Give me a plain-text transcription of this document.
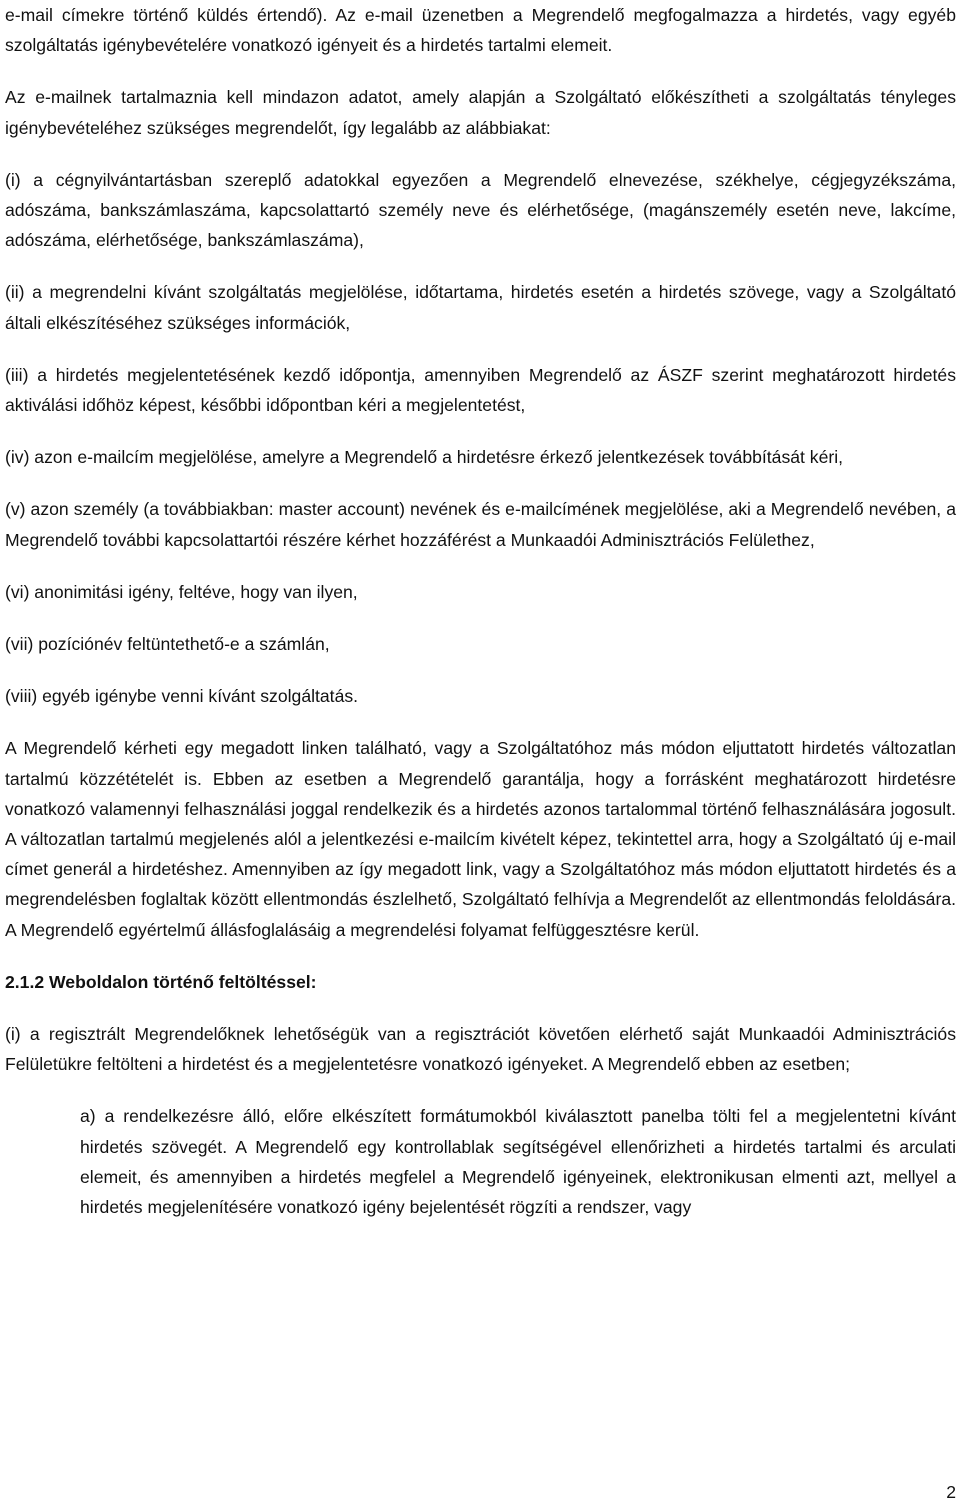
e-mail címekre történő küldés értendő). Az e-mail üzenetben a Megrendelő megfogalmazza a hirdetés, vagy egyéb szolgáltatás igénybevételére vonatkozó igényeit és a hirdetés tartalmi elemeit.

Az e-mailnek tartalmaznia kell mindazon adatot, amely alapján a Szolgáltató előkészítheti a szolgáltatás tényleges igénybevételéhez szükséges megrendelőt, így legalább az alábbiakat:

(i) a cégnyilvántartásban szereplő adatokkal egyezően a Megrendelő elnevezése, székhelye, cégjegyzékszáma, adószáma, bankszámlaszáma, kapcsolattartó személy neve és elérhetősége, (magánszemély esetén neve, lakcíme, adószáma, elérhetősége, bankszámlaszáma),

(ii) a megrendelni kívánt szolgáltatás megjelölése, időtartama, hirdetés esetén a hirdetés szövege, vagy a Szolgáltató általi elkészítéséhez szükséges információk,

(iii) a hirdetés megjelentetésének kezdő időpontja, amennyiben Megrendelő az ÁSZF szerint meghatározott hirdetés aktiválási időhöz képest, későbbi időpontban kéri a megjelentetést,

(iv) azon e-mailcím megjelölése, amelyre a Megrendelő a hirdetésre érkező jelentkezések továbbítását kéri,

(v) azon személy (a továbbiakban: master account) nevének és e-mailcímének megjelölése, aki a Megrendelő nevében, a Megrendelő további kapcsolattartói részére kérhet hozzáférést a Munkaadói Adminisztrációs Felülethez,

(vi) anonimitási igény, feltéve, hogy van ilyen,

(vii) pozíciónév feltüntethető-e a számlán,

(viii) egyéb igénybe venni kívánt szolgáltatás.

A Megrendelő kérheti egy megadott linken található, vagy a Szolgáltatóhoz más módon eljuttatott hirdetés változatlan tartalmú közzétételét is. Ebben az esetben a Megrendelő garantálja, hogy a forrásként meghatározott hirdetésre vonatkozó valamennyi felhasználási joggal rendelkezik és a hirdetés azonos tartalommal történő felhasználására jogosult. A változatlan tartalmú megjelenés alól a jelentkezési e-mailcím kivételt képez, tekintettel arra, hogy a Szolgáltató új e-mail címet generál a hirdetéshez. Amennyiben az így megadott link, vagy a Szolgáltatóhoz más módon eljuttatott hirdetés és a megrendelésben foglaltak között ellentmondás észlelhető, Szolgáltató felhívja a Megrendelőt az ellentmondás feloldására. A Megrendelő egyértelmű állásfoglalásáig a megrendelési folyamat felfüggesztésre kerül.

2.1.2 Weboldalon történő feltöltéssel:

(i) a regisztrált Megrendelőknek lehetőségük van a regisztrációt követően elérhető saját Munkaadói Adminisztrációs Felületükre feltölteni a hirdetést és a megjelentetésre vonatkozó igényeket. A Megrendelő ebben az esetben;

a) a rendelkezésre álló, előre elkészített formátumokból kiválasztott panelba tölti fel a megjelentetni kívánt hirdetés szövegét. A Megrendelő egy kontrollablak segítségével ellenőrizheti a hirdetés tartalmi és arculati elemeit, és amennyiben a hirdetés megfelel a Megrendelő igényeinek, elektronikusan elmenti azt, mellyel a hirdetés megjelenítésére vonatkozó igény bejelentését rögzíti a rendszer, vagy

2
